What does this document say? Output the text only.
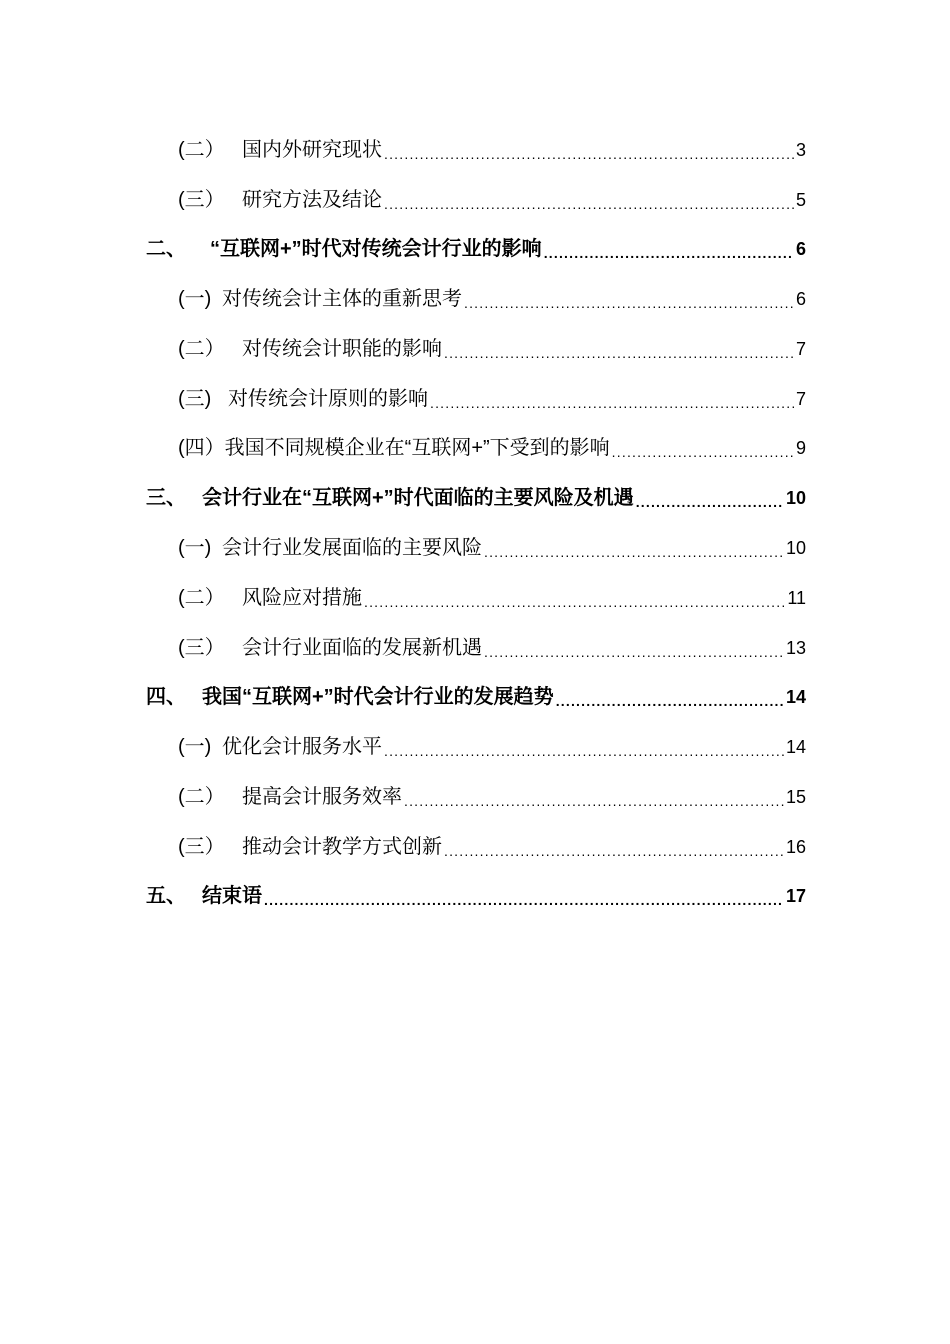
(二） 国内外研究现状 .....	3
(三） 研究方法及结论 .....	5
二、	“互联网+”时代对传统会计行业的影响 .....	6
(一) 对传统会计主体的重新思考 .....	6
(二） 对传统会计职能的影响 .....	7
(三) 对传统会计原则的影响 .....	7
(四） 我国不同规模企业在“互联网+”下受到的影响 .....	9
三、 会计行业在“互联网+”时代面临的主要风险及机遇 .....	10
(一) 会计行业发展面临的主要风险 .....	10
(二） 风险应对措施 .....	11
(三） 会计行业面临的发展新机遇 .....	13
四、 我国“互联网+”时代会计行业的发展趋势 .....	14
(一) 优化会计服务水平 .....	14
(二） 提高会计服务效率 .....	15
(三） 推动会计教学方式创新 .....	16
五、 结束语 .....	17
